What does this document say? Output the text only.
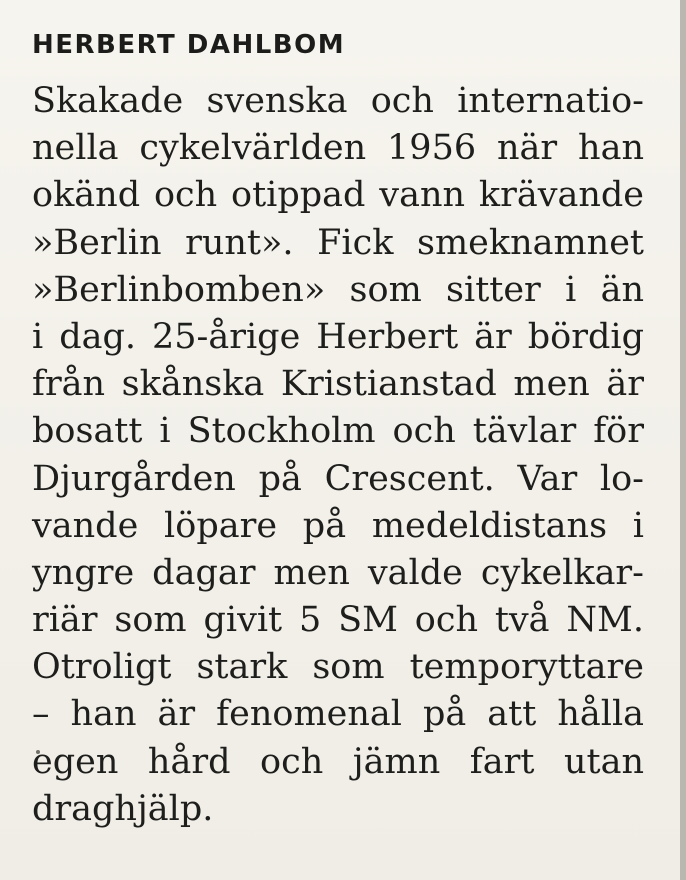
HERBERT DAHLBOM
Skakade svenska och internatio-
nella cykelvärlden 1956 när han
okänd och otippad vann krävande
»Berlin runt». Fick smeknamnet
»Berlinbomben» som sitter i än
i dag. 25-årige Herbert är bördig
från skånska Kristianstad men är
bosatt i Stockholm och tävlar för
Djurgården på Crescent. Var lo-
vande löpare på medeldistans i
yngre dagar men valde cykelkar-
riär som givit 5 SM och två NM.
Otroligt stark som temporyttare
– han är fenomenal på att hålla
egen hård och jämn fart utan
draghjälp.
